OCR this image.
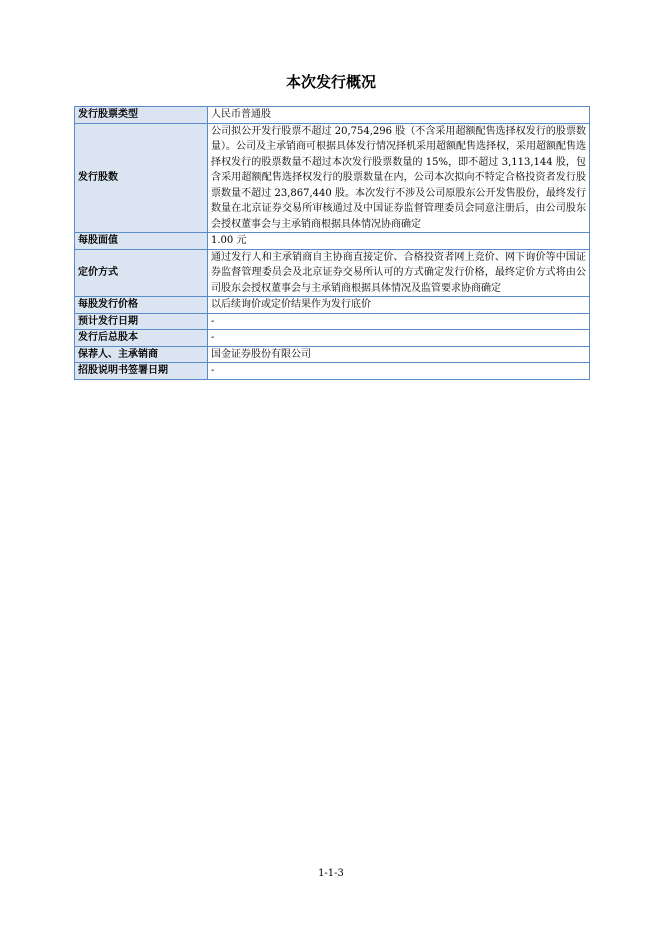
本次发行概况
发行股票类型	人民币普通股
发行股数	公司拟公开发行股票不超过 20,754,296 股（不含采用超额配售选择权发行的股票数量）。公司及主承销商可根据具体发行情况择机采用超额配售选择权，采用超额配售选择权发行的股票数量不超过本次发行股票数量的 15%，即不超过 3,113,144 股，包含采用超额配售选择权发行的股票数量在内，公司本次拟向不特定合格投资者发行股票数量不超过 23,867,440 股。本次发行不涉及公司原股东公开发售股份，最终发行数量在北京证券交易所审核通过及中国证券监督管理委员会同意注册后，由公司股东会授权董事会与主承销商根据具体情况协商确定
每股面值	1.00 元
定价方式	通过发行人和主承销商自主协商直接定价、合格投资者网上竞价、网下询价等中国证券监督管理委员会及北京证券交易所认可的方式确定发行价格，最终定价方式将由公司股东会授权董事会与主承销商根据具体情况及监管要求协商确定
每股发行价格	以后续询价或定价结果作为发行底价
预计发行日期	-
发行后总股本	-
保荐人、主承销商	国金证券股份有限公司
招股说明书签署日期	-
1-1-3
